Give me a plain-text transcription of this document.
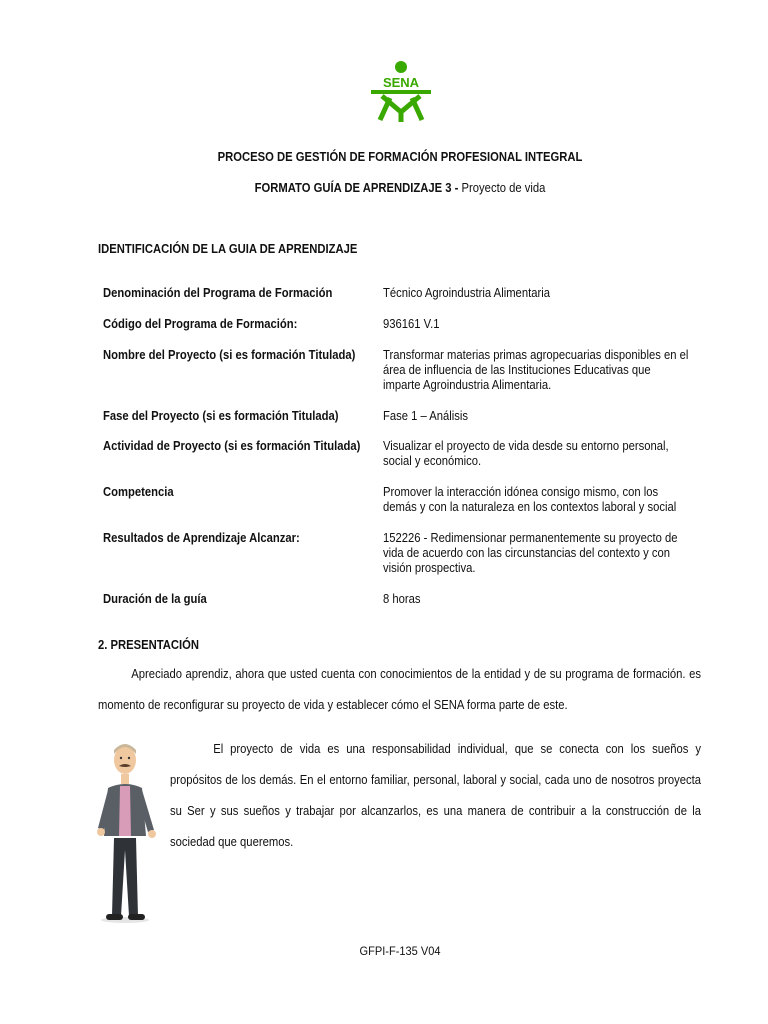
SENA
PROCESO DE GESTIÓN DE FORMACIÓN PROFESIONAL INTEGRAL
FORMATO GUÍA DE APRENDIZAJE 3 - Proyecto de vida
IDENTIFICACIÓN DE LA GUIA DE APRENDIZAJE
Denominación del Programa de Formación	Técnico Agroindustria Alimentaria
Código del Programa de Formación:	936161 V.1
Nombre del Proyecto (si es formación Titulada)	Transformar materias primas agropecuarias disponibles en el área de influencia de las Instituciones Educativas que imparte Agroindustria Alimentaria.
Fase del Proyecto (si es formación Titulada)	Fase 1 – Análisis
Actividad de Proyecto (si es formación Titulada)	Visualizar el proyecto de vida desde su entorno personal, social y económico.
Competencia	Promover la interacción idónea consigo mismo, con los demás y con la naturaleza en los contextos laboral y social
Resultados de Aprendizaje Alcanzar:	152226 - Redimensionar permanentemente su proyecto de vida de acuerdo con las circunstancias del contexto y con visión prospectiva.
Duración de la guía	8 horas
2. PRESENTACIÓN
Apreciado aprendiz, ahora que usted cuenta con conocimientos de la entidad y de su programa de formación. es momento de reconfigurar su proyecto de vida y establecer cómo el SENA forma parte de este.
El proyecto de vida es una responsabilidad individual, que se conecta con los sueños y propósitos de los demás. En el entorno familiar, personal, laboral y social, cada uno de nosotros proyecta su Ser y sus sueños y trabajar por alcanzarlos, es una manera de contribuir a la construcción de la sociedad que queremos.
GFPI-F-135 V04
